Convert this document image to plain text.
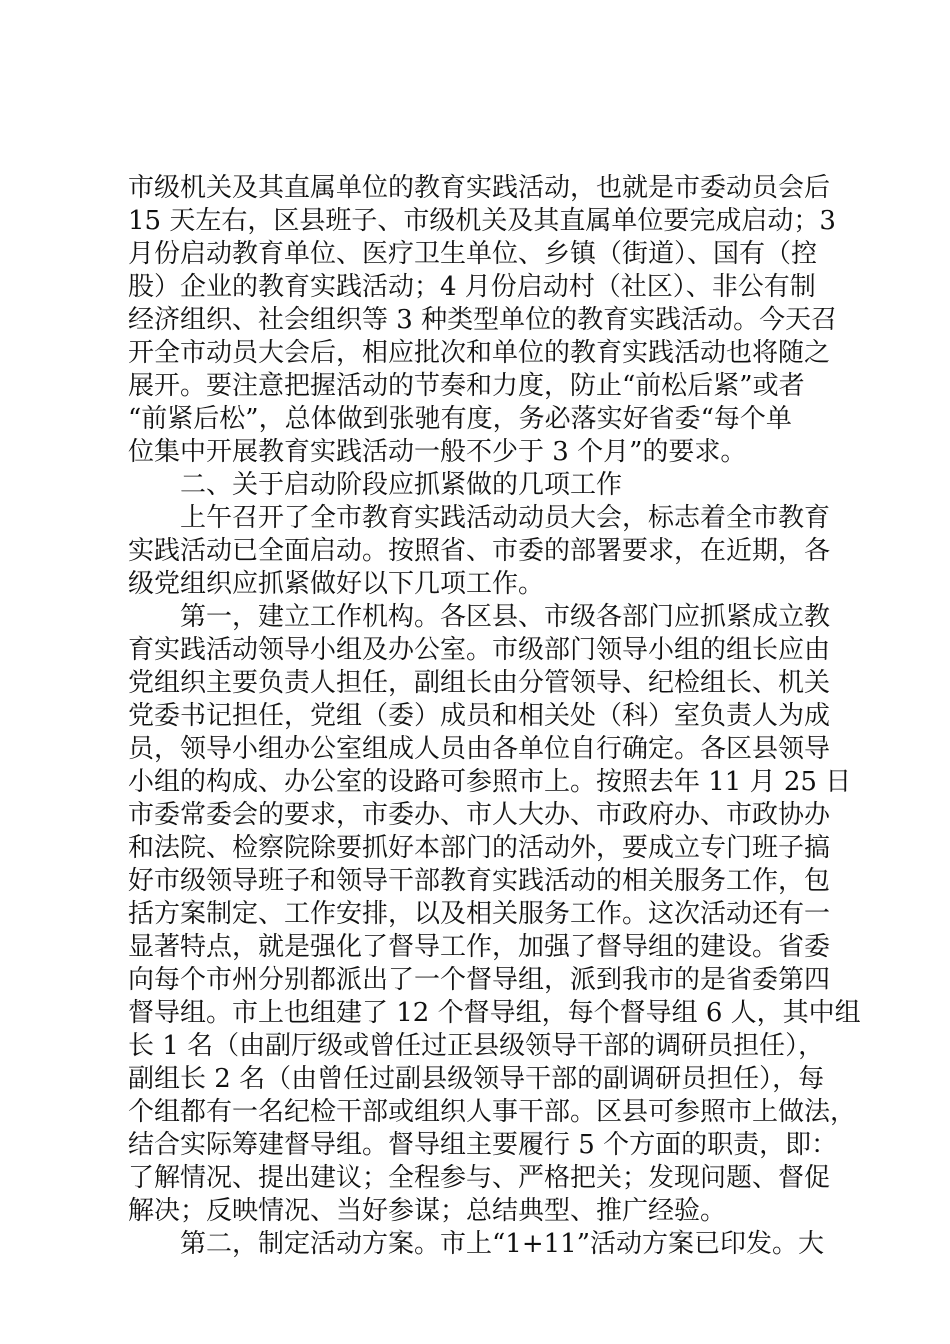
市级机关及其直属单位的教育实践活动，也就是市委动员会后
15 天左右，区县班子、市级机关及其直属单位要完成启动；3
月份启动教育单位、医疗卫生单位、乡镇（街道）、国有（控
股）企业的教育实践活动；4 月份启动村（社区）、非公有制
经济组织、社会组织等 3 种类型单位的教育实践活动。今天召
开全市动员大会后，相应批次和单位的教育实践活动也将随之
展开。要注意把握活动的节奏和力度，防止“前松后紧”或者
“前紧后松”，总体做到张驰有度，务必落实好省委“每个单
位集中开展教育实践活动一般不少于 3 个月”的要求。
二、关于启动阶段应抓紧做的几项工作
上午召开了全市教育实践活动动员大会，标志着全市教育
实践活动已全面启动。按照省、市委的部署要求，在近期，各
级党组织应抓紧做好以下几项工作。
第一，建立工作机构。各区县、市级各部门应抓紧成立教
育实践活动领导小组及办公室。市级部门领导小组的组长应由
党组织主要负责人担任，副组长由分管领导、纪检组长、机关
党委书记担任，党组（委）成员和相关处（科）室负责人为成
员，领导小组办公室组成人员由各单位自行确定。各区县领导
小组的构成、办公室的设路可参照市上。按照去年 11 月 25 日
市委常委会的要求，市委办、市人大办、市政府办、市政协办
和法院、检察院除要抓好本部门的活动外，要成立专门班子搞
好市级领导班子和领导干部教育实践活动的相关服务工作，包
括方案制定、工作安排，以及相关服务工作。这次活动还有一
显著特点，就是强化了督导工作，加强了督导组的建设。省委
向每个市州分别都派出了一个督导组，派到我市的是省委第四
督导组。市上也组建了 12 个督导组，每个督导组 6 人，其中组
长 1 名（由副厅级或曾任过正县级领导干部的调研员担任），
副组长 2 名（由曾任过副县级领导干部的副调研员担任），每
个组都有一名纪检干部或组织人事干部。区县可参照市上做法，
结合实际筹建督导组。督导组主要履行 5 个方面的职责，即：
了解情况、提出建议；全程参与、严格把关；发现问题、督促
解决；反映情况、当好参谋；总结典型、推广经验。
第二，制定活动方案。市上“1+11”活动方案已印发。大
